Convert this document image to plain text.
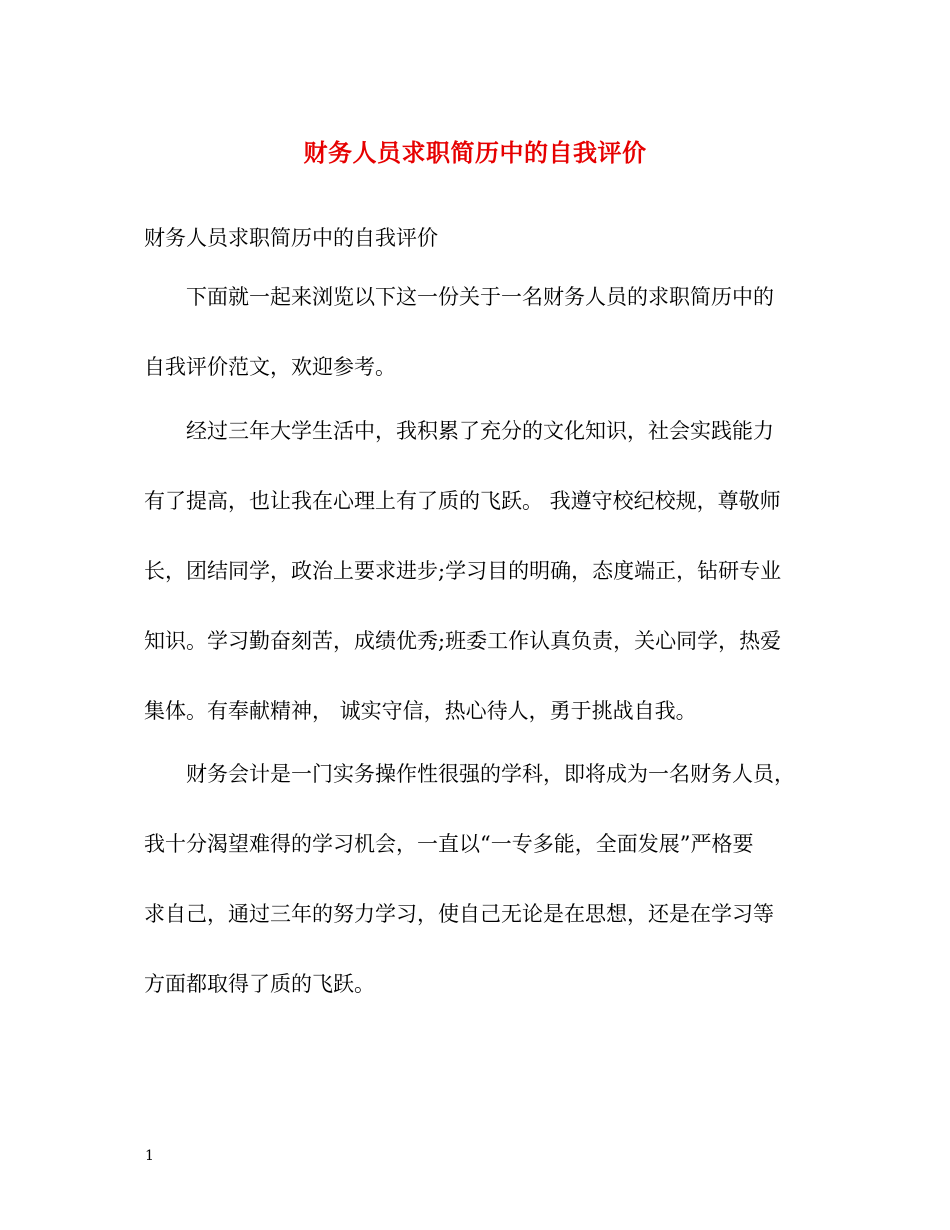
财务人员求职简历中的自我评价
财务人员求职简历中的自我评价
下面就一起来浏览以下这一份关于一名财务人员的求职简历中的
自我评价范文，欢迎参考。
经过三年大学生活中，我积累了充分的文化知识，社会实践能力
有了提高，也让我在心理上有了质的飞跃。 我遵守校纪校规，尊敬师
长，团结同学，政治上要求进步;学习目的明确，态度端正，钻研专业
知识。学习勤奋刻苦，成绩优秀;班委工作认真负责，关心同学，热爱
集体。有奉献精神， 诚实守信，热心待人，勇于挑战自我。
财务会计是一门实务操作性很强的学科，即将成为一名财务人员，
我十分渴望难得的学习机会，一直以“一专多能，全面发展”严格要
求自己，通过三年的努力学习，使自己无论是在思想，还是在学习等
方面都取得了质的飞跃。
1
